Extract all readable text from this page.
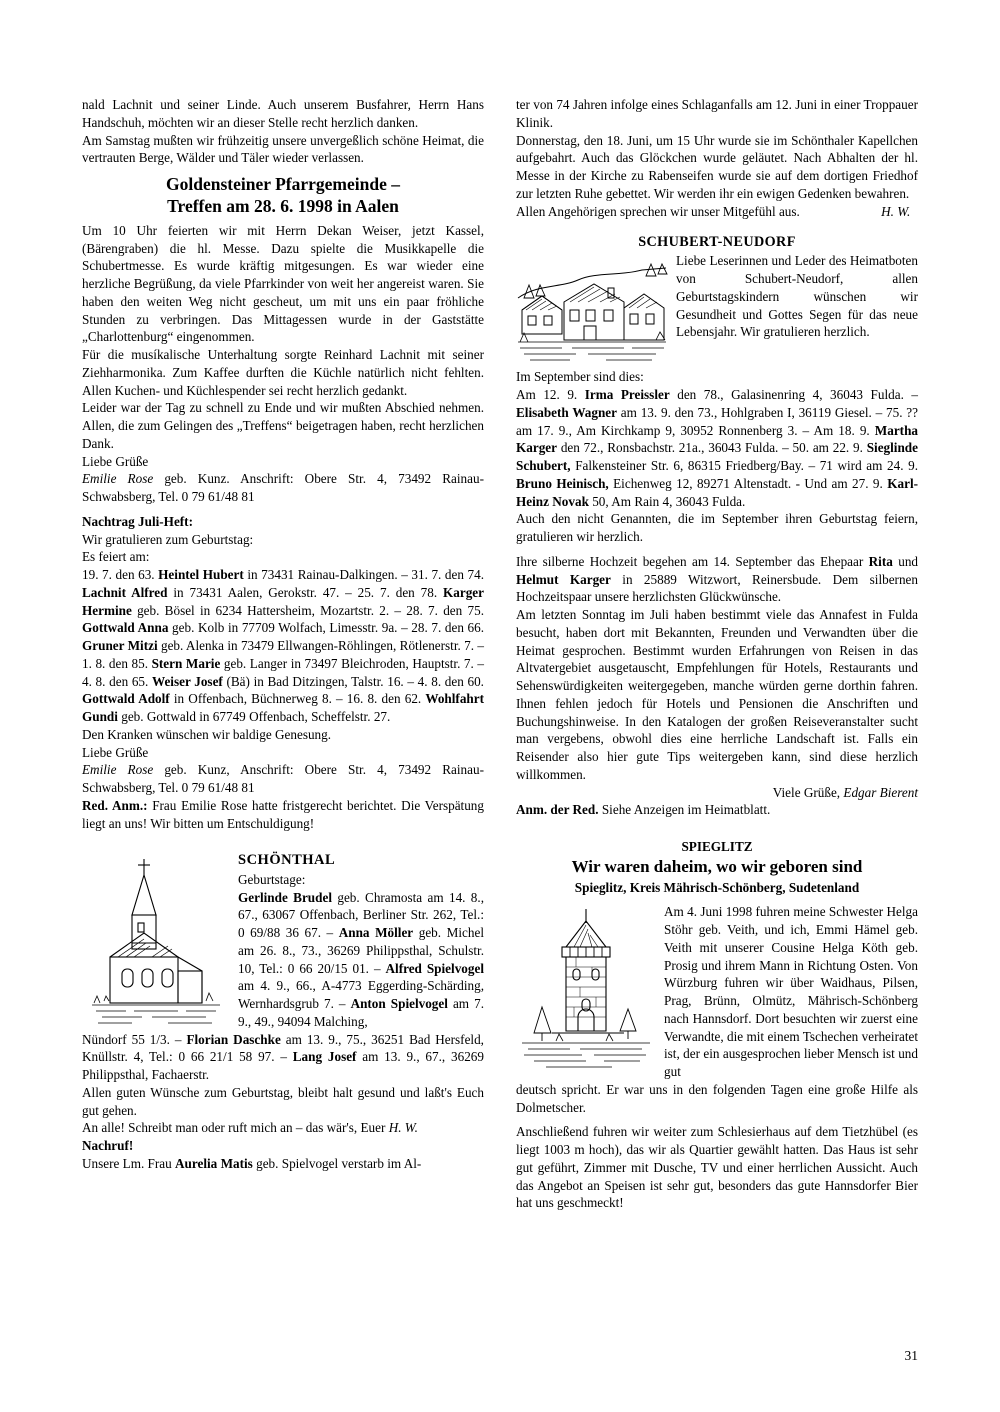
nald Lachnit und seiner Linde. Auch unserem Busfahrer, Herrn Hans Handschuh, möchten wir an dieser Stelle recht herzlich danken.

Am Samstag mußten wir frühzeitig unsere unvergeßlich schöne Heimat, die vertrauten Berge, Wälder und Täler wieder verlassen.

Goldensteiner Pfarrgemeinde –
Treffen am 28. 6. 1998 in Aalen

Um 10 Uhr feierten wir mit Herrn Dekan Weiser, jetzt Kassel, (Bärengraben) die hl. Messe. Dazu spielte die Musikkapelle die Schubertmesse. Es wurde kräftig mitgesungen. Es war wieder eine herzliche Begrüßung, da viele Pfarrkinder von weit her angereist waren. Sie haben den weiten Weg nicht gescheut, um mit uns ein paar fröhliche Stunden zu verbringen. Das Mittagessen wurde in der Gaststätte „Charlottenburg“ eingenommen.

Für die musíkalische Unterhaltung sorgte Reinhard Lachnit mit seiner Ziehharmonika. Zum Kaffee durften die Küchle natürlich nicht fehlten. Allen Kuchen- und Küchlespender sei recht herzlich gedankt.

Leider war der Tag zu schnell zu Ende und wir mußten Abschied nehmen. Allen, die zum Gelingen des „Treffens“ beigetragen haben, recht herzlichen Dank.

Liebe Grüße

Emilie Rose geb. Kunz. Anschrift: Obere Str. 4, 73492 Rainau-Schwabsberg, Tel. 0 79 61/48 81

Nachtrag Juli-Heft:

Wir gratulieren zum Geburtstag:

Es feiert am:

19. 7. den 63. Heintel Hubert in 73431 Rainau-Dalkingen. – 31. 7. den 74. Lachnit Alfred in 73431 Aalen, Gerokstr. 47. – 25. 7. den 78. Karger Hermine geb. Bösel in 6234 Hattersheim, Mozartstr. 2. – 28. 7. den 75. Gottwald Anna geb. Kolb in 77709 Wolfach, Limesstr. 9a. – 28. 7. den 66. Gruner Mitzi geb. Alenka in 73479 Ellwangen-Röhlingen, Rötlenerstr. 7. – 1. 8. den 85. Stern Marie geb. Langer in 73497 Bleichroden, Hauptstr. 7. – 4. 8. den 65. Weiser Josef (Bä) in Bad Ditzingen, Talstr. 16. – 4. 8. den 60. Gottwald Adolf in Offenbach, Büchnerweg 8. – 16. 8. den 62. Wohlfahrt Gundi geb. Gottwald in 67749 Offenbach, Scheffelstr. 27.

Den Kranken wünschen wir baldige Genesung.

Liebe Grüße

Emilie Rose geb. Kunz, Anschrift: Obere Str. 4, 73492 Rainau-Schwabsberg, Tel. 0 79 61/48 81

Red. Anm.: Frau Emilie Rose hatte fristgerecht berichtet. Die Verspätung liegt an uns! Wir bitten um Entschuldigung!

SCHÖNTHAL

Geburtstage:

Gerlinde Brudel geb. Chramosta am 14. 8., 67., 63067 Offenbach, Berliner Str. 262, Tel.: 0 69/88 36 67. – Anna Möller geb. Michel am 26. 8., 73., 36269 Philippsthal, Schulstr. 10, Tel.: 0 66 20/15 01. – Alfred Spielvogel am 4. 9., 66., A-4773 Eggerding-Schärding, Wernhardsgrub 7. – Anton Spielvogel am 7. 9., 49., 94094 Malching,

Nündorf 55 1/3. – Florian Daschke am 13. 9., 75., 36251 Bad Hersfeld, Knüllstr. 4, Tel.: 0 66 21/1 58 97. – Lang Josef am 13. 9., 67., 36269 Philippsthal, Fachaerstr.

Allen guten Wünsche zum Geburtstag, bleibt halt gesund und laßt's Euch gut gehen.

An alle! Schreibt man oder ruft mich an – das wär's, Euer H. W.

Nachruf!

Unsere Lm. Frau Aurelia Matis geb. Spielvogel verstarb im Al-

ter von 74 Jahren infolge eines Schlaganfalls am 12. Juni in einer Troppauer Klinik.

Donnerstag, den 18. Juni, um 15 Uhr wurde sie im Schönthaler Kapellchen aufgebahrt. Auch das Glöckchen wurde geläutet. Nach Abhalten der hl. Messe in der Kirche zu Rabenseifen wurde sie auf dem dortigen Friedhof zur letzten Ruhe gebettet. Wir werden ihr ein ewigen Gedenken bewahren.

Allen Angehörigen sprechen wir unser Mitgefühl aus.	H. W.

SCHUBERT-NEUDORF

Liebe Leserinnen und Leder des Heimatboten von Schubert-Neudorf, allen Geburtstagskindern wünschen wir Gesundheit und Gottes Segen für das neue Lebensjahr. Wir gratulieren herzlich.

Im September sind dies:

Am 12. 9. Irma Preissler den 78., Galasinenring 4, 36043 Fulda. – Elisabeth Wagner am 13. 9. den 73., Hohlgraben I, 36119 Giesel. – 75. ?? am 17. 9., Am Kirchkamp 9, 30952 Ronnenberg 3. – Am 18. 9. Martha Karger den 72., Ronsbachstr. 21a., 36043 Fulda. – 50. am 22. 9. Sieglinde Schubert, Falkensteiner Str. 6, 86315 Friedberg/Bay. – 71 wird am 24. 9. Bruno Heinisch, Eichenweg 12, 89271 Altenstadt. - Und am 27. 9. Karl-Heinz Novak 50, Am Rain 4, 36043 Fulda.

Auch den nicht Genannten, die im September ihren Geburtstag feiern, gratulieren wir herzlich.

Ihre silberne Hochzeit begehen am 14. September das Ehepaar Rita und Helmut Karger in 25889 Witzwort, Reinersbude. Dem silbernen Hochzeitspaar unsere herzlichsten Glückwünsche.

Am letzten Sonntag im Juli haben bestimmt viele das Annafest in Fulda besucht, haben dort mit Bekannten, Freunden und Verwandten über die Heimat gesprochen. Bestimmt wurden Erfahrungen von Reisen in das Altvatergebiet ausgetauscht, Empfehlungen für Hotels, Restaurants und Sehenswürdigkeiten weitergegeben, manche würden gerne dorthin fahren. Ihnen fehlen jedoch für Hotels und Pensionen die Anschriften und Buchungshinweise. In den Katalogen der großen Reiseveranstalter sucht man vergebens, obwohl dies eine herrliche Landschaft ist. Falls ein Reisender also hier gute Tips weitergeben kann, sind diese herzlich willkommen.

Viele Grüße, Edgar Bierent

Anm. der Red. Siehe Anzeigen im Heimatblatt.

SPIEGLITZ

Wir waren daheim, wo wir geboren sind

Spieglitz, Kreis Mährisch-Schönberg, Sudetenland

Am 4. Juni 1998 fuhren meine Schwester Helga Stöhr geb. Veith, und ich, Emmi Hämel geb. Veith mit unserer Cousine Helga Köth geb. Prosig und ihrem Mann in Richtung Osten. Von Würzburg fuhren wir über Waidhaus, Pilsen, Prag, Brünn, Olmütz, Mährisch-Schönberg nach Hannsdorf. Dort besuchten wir zuerst eine Verwandte, die mit einem Tschechen verheiratet ist, der ein ausgesprochen lieber Mensch ist und gut

deutsch spricht. Er war uns in den folgenden Tagen eine große Hilfe als Dolmetscher.

Anschließend fuhren wir weiter zum Schlesierhaus auf dem Tietzhübel (es liegt 1003 m hoch), das wir als Quartier gewählt hatten. Das Haus ist sehr gut geführt, Zimmer mit Dusche, TV und einer herrlichen Aussicht. Auch das Angebot an Speisen ist sehr gut, besonders das gute Hannsdorfer Bier hat uns geschmeckt!

31
